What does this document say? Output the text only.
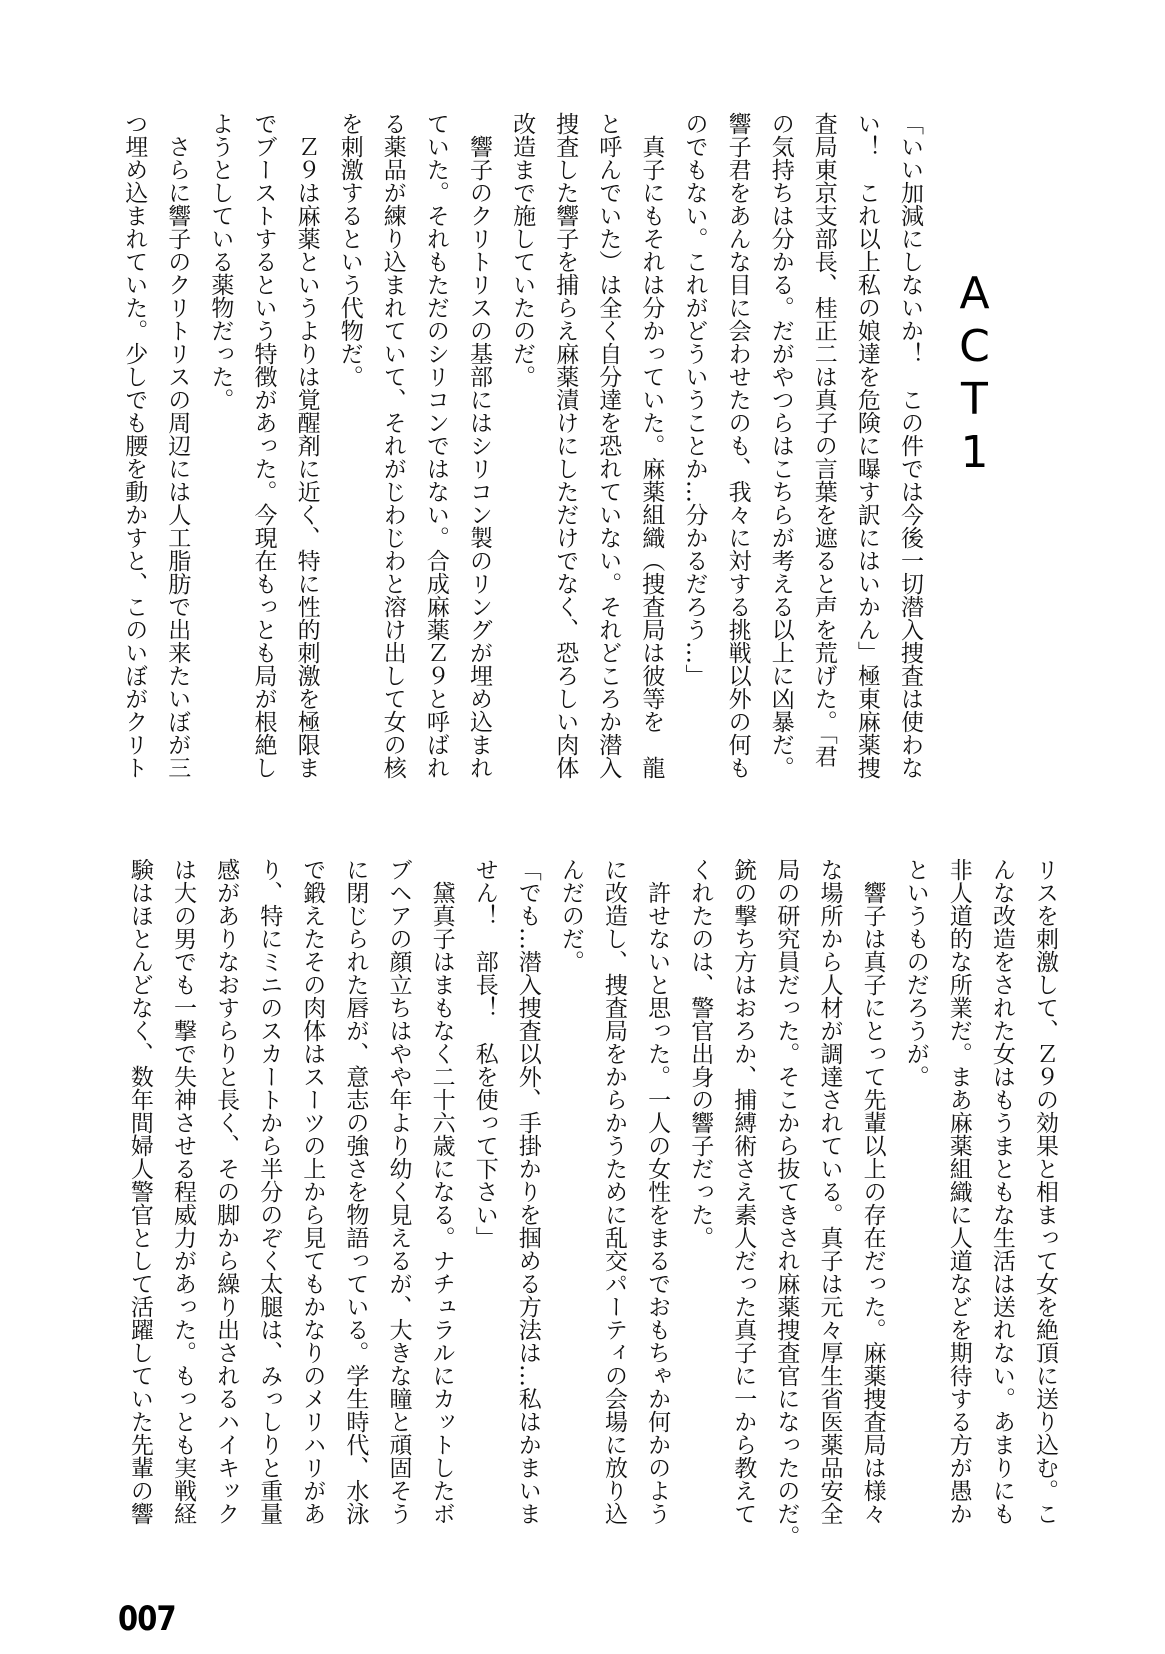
ACT1
「いい加減にしないか！　この件では今後一切潜入捜査は使わな
い！　これ以上私の娘達を危険に曝す訳にはいかん」極東麻薬捜
査局東京支部長、桂正二は真子の言葉を遮ると声を荒げた。「君
の気持ちは分かる。だがやつらはこちらが考える以上に凶暴だ。
響子君をあんな目に会わせたのも、我々に対する挑戦以外の何も
のでもない。これがどういうことか…分かるだろう…」
　真子にもそれは分かっていた。麻薬組織（捜査局は彼等を　龍
と呼んでいた）は全く自分達を恐れていない。それどころか潜入
捜査した響子を捕らえ麻薬漬けにしただけでなく、恐ろしい肉体
改造まで施していたのだ。
　響子のクリトリスの基部にはシリコン製のリングが埋め込まれ
ていた。それもただのシリコンではない。合成麻薬Ｚ９と呼ばれ
る薬品が練り込まれていて、それがじわじわと溶け出して女の核
を刺激するという代物だ。
　Ｚ９は麻薬というよりは覚醒剤に近く、特に性的刺激を極限ま
でブーストするという特徴があった。今現在もっとも局が根絶し
ようとしている薬物だった。
　さらに響子のクリトリスの周辺には人工脂肪で出来たいぼが三
つ埋め込まれていた。少しでも腰を動かすと、このいぼがクリト
リスを刺激して、Ｚ９の効果と相まって女を絶頂に送り込む。こ
んな改造をされた女はもうまともな生活は送れない。あまりにも
非人道的な所業だ。まあ麻薬組織に人道などを期待する方が愚か
というものだろうが。
　響子は真子にとって先輩以上の存在だった。麻薬捜査局は様々
な場所から人材が調達されている。真子は元々厚生省医薬品安全
局の研究員だった。そこから抜てきされ麻薬捜査官になったのだ。
銃の撃ち方はおろか、捕縛術さえ素人だった真子に一から教えて
くれたのは、警官出身の響子だった。
　許せないと思った。一人の女性をまるでおもちゃか何かのよう
に改造し、捜査局をからかうために乱交パーティの会場に放り込
んだのだ。
「でも…潜入捜査以外、手掛かりを掴める方法は…私はかまいま
せん！　部長！　私を使って下さい」
　黛真子はまもなく二十六歳になる。ナチュラルにカットしたボ
ブヘアの顔立ちはやや年より幼く見えるが、大きな瞳と頑固そう
に閉じられた唇が、意志の強さを物語っている。学生時代、水泳
で鍛えたその肉体はスーツの上から見てもかなりのメリハリがあ
り、特にミニのスカートから半分のぞく太腿は、みっしりと重量
感がありなおすらりと長く、その脚から繰り出されるハイキック
は大の男でも一撃で失神させる程威力があった。もっとも実戦経
験はほとんどなく、数年間婦人警官として活躍していた先輩の響
007
